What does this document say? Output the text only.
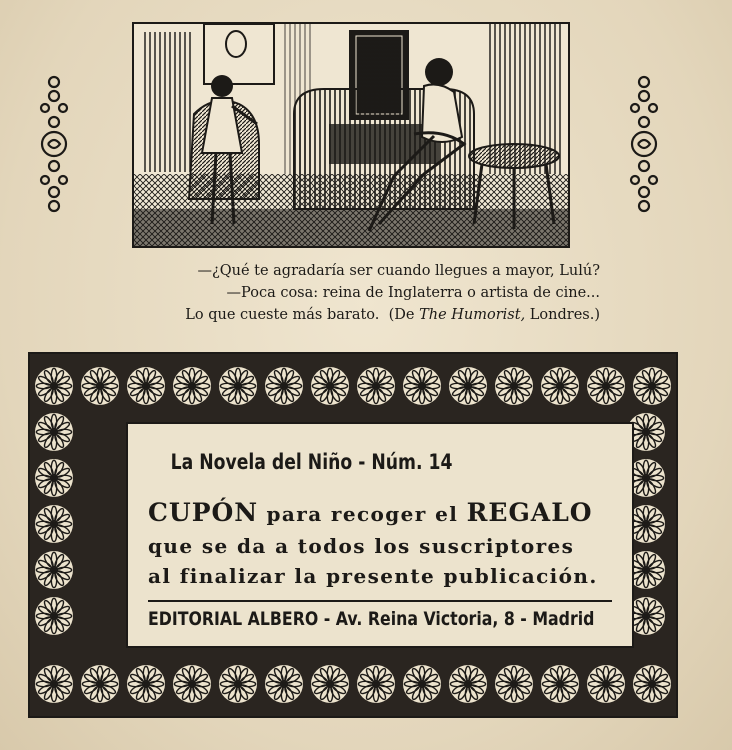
—¿Qué te agradaría ser cuando llegues a mayor, Lulú?
—Poca cosa: reina de Inglaterra o artista de cine...
Lo que cueste más barato. (De The Humorist, Londres.)
La Novela del Niño - Núm. 14
CUPÓN para recoger el REGALO
que se da a todos los suscriptores
al finalizar la presente publicación.
EDITORIAL ALBERO - Av. Reina Victoria, 8 - Madrid
